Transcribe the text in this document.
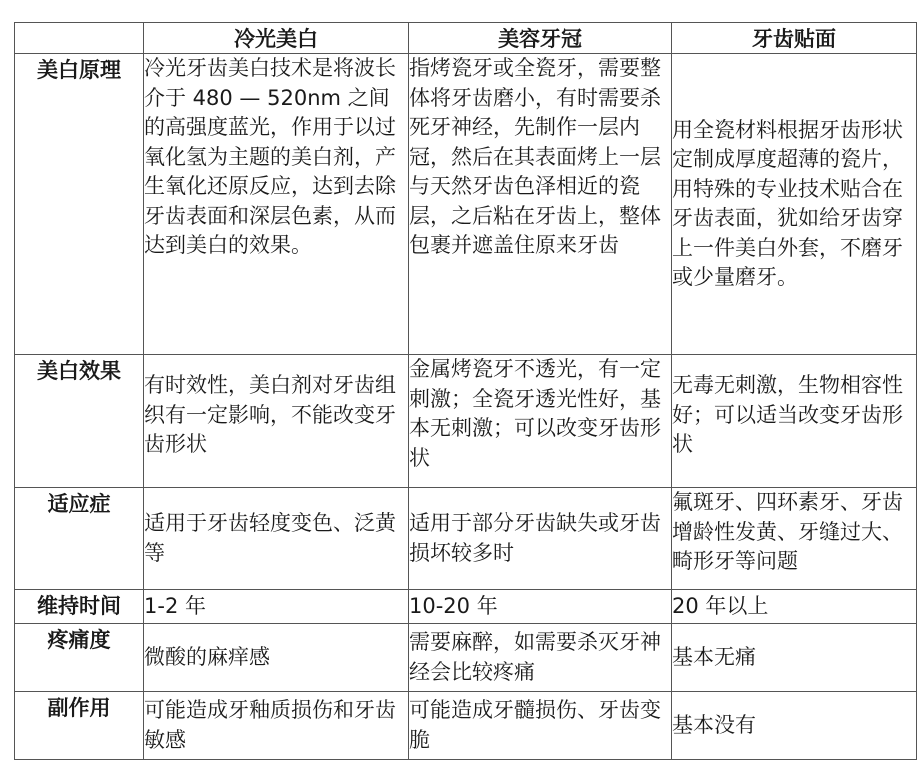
	冷光美白	美容牙冠	牙齿贴面
美白原理	冷光牙齿美白技术是将波长介于 480 — 520nm 之间的高强度蓝光，作用于以过氧化氢为主题的美白剂，产生氧化还原反应，达到去除牙齿表面和深层色素，从而达到美白的效果。	指烤瓷牙或全瓷牙，需要整体将牙齿磨小，有时需要杀死牙神经，先制作一层内冠，然后在其表面烤上一层与天然牙齿色泽相近的瓷层，之后粘在牙齿上，整体包裹并遮盖住原来牙齿	用全瓷材料根据牙齿形状定制成厚度超薄的瓷片，用特殊的专业技术贴合在牙齿表面，犹如给牙齿穿上一件美白外套，不磨牙或少量磨牙。
美白效果	有时效性，美白剂对牙齿组织有一定影响，不能改变牙齿形状	金属烤瓷牙不透光，有一定刺激；全瓷牙透光性好，基本无刺激；可以改变牙齿形状	无毒无刺激，生物相容性好；可以适当改变牙齿形状
适应症	适用于牙齿轻度变色、泛黄等	适用于部分牙齿缺失或牙齿损坏较多时	氟斑牙、四环素牙、牙齿增龄性发黄、牙缝过大、畸形牙等问题
维持时间	1-2 年	10-20 年	20 年以上
疼痛度	微酸的麻痒感	需要麻醉，如需要杀灭牙神经会比较疼痛	基本无痛
副作用	可能造成牙釉质损伤和牙齿敏感	可能造成牙髓损伤、牙齿变脆	基本没有
